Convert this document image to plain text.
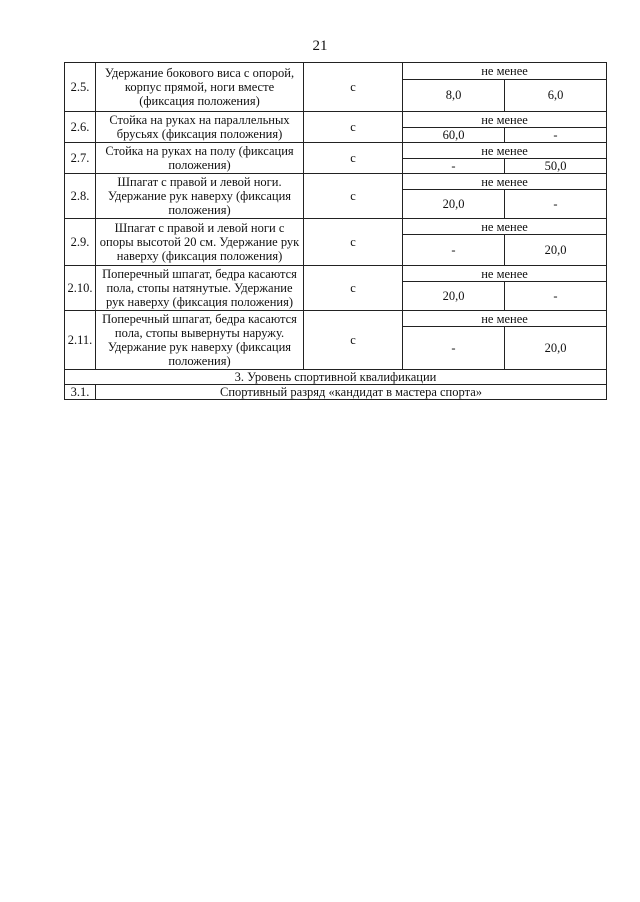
21
2.5.	Удержание бокового виса с опорой, корпус прямой, ноги вместе (фиксация положения)	с	не менее	
			8,0	6,0
2.6.	Стойка на руках на параллельных брусьях (фиксация положения)	с	не менее	
			60,0	-
2.7.	Стойка на руках на полу (фиксация положения)	с	не менее	
			-	50,0
2.8.	Шпагат с правой и левой ноги. Удержание рук наверху (фиксация положения)	с	не менее	
			20,0	-
2.9.	Шпагат с правой и левой ноги с опоры высотой 20 см. Удержание рук наверху (фиксация положения)	с	не менее	
			-	20,0
2.10.	Поперечный шпагат, бедра касаются пола, стопы натянутые. Удержание рук наверху (фиксация положения)	с	не менее	
			20,0	-
2.11.	Поперечный шпагат, бедра касаются пола, стопы вывернуты наружу. Удержание рук наверху (фиксация положения)	с	не менее	
			-	20,0
3. Уровень спортивной квалификации				
3.1.	Спортивный разряд «кандидат в мастера спорта»			
